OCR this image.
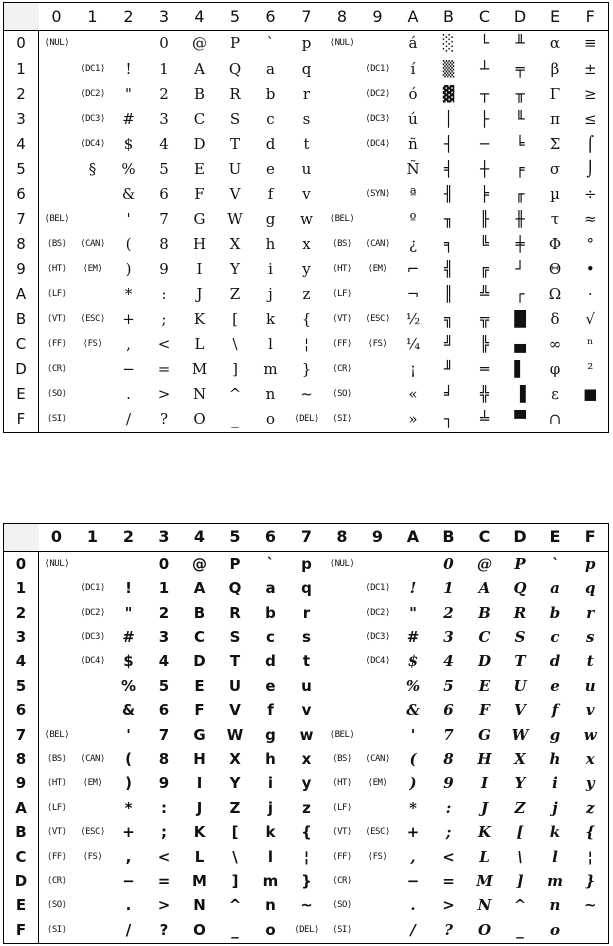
	0	1	2	3	4	5	6	7	8	9	A	B	C	D	E	F
0	⟨NUL⟩			0	@	P	`	p	⟨NUL⟩		á	░	└	╨	α	≡
1		⟨DC1⟩	!	1	A	Q	a	q		⟨DC1⟩	í	▒	┴	╤	β	±
2		⟨DC2⟩	"	2	B	R	b	r		⟨DC2⟩	ó	▓	┬	╥	Γ	≥
3		⟨DC3⟩	#	3	C	S	c	s		⟨DC3⟩	ú	│	├	╙	π	≤
4		⟨DC4⟩	$	4	D	T	d	t		⟨DC4⟩	ñ	┤	─	╘	Σ	⌠
5		§	%	5	E	U	e	u			Ñ	╡	┼	╒	σ	⌡
6			&	6	F	V	f	v		⟨SYN⟩	ª	╢	╞	╓	µ	÷
7	⟨BEL⟩		'	7	G	W	g	w	⟨BEL⟩		º	╖	╟	╫	τ	≈
8	⟨BS⟩	⟨CAN⟩	(	8	H	X	h	x	⟨BS⟩	⟨CAN⟩	¿	╕	╚	╪	Φ	°
9	⟨HT⟩	⟨EM⟩	)	9	I	Y	i	y	⟨HT⟩	⟨EM⟩	⌐	╣	╔	┘	Θ	•
A	⟨LF⟩		*	:	J	Z	j	z	⟨LF⟩		¬	║	╩	┌	Ω	·
B	⟨VT⟩	⟨ESC⟩	+	;	K	[	k	{	⟨VT⟩	⟨ESC⟩	½	╗	╦	█	δ	√
C	⟨FF⟩	⟨FS⟩	,	<	L	\	l	¦	⟨FF⟩	⟨FS⟩	¼	╝	╠	▄	∞	ⁿ
D	⟨CR⟩		−	=	M	]	m	}	⟨CR⟩		¡	╜	═	▌	φ	²
E	⟨SO⟩		.	>	N	^	n	~	⟨SO⟩		«	╛	╬	▐	ε	■
F	⟨SI⟩		/	?	O	_	o	⟨DEL⟩	⟨SI⟩		»	┐	╧	▀	∩	
	0	1	2	3	4	5	6	7	8	9	A	B	C	D	E	F
0	⟨NUL⟩			0	@	P	`	p	⟨NUL⟩			0	@	P	`	p
1		⟨DC1⟩	!	1	A	Q	a	q		⟨DC1⟩	!	1	A	Q	a	q
2		⟨DC2⟩	"	2	B	R	b	r		⟨DC2⟩	"	2	B	R	b	r
3		⟨DC3⟩	#	3	C	S	c	s		⟨DC3⟩	#	3	C	S	c	s
4		⟨DC4⟩	$	4	D	T	d	t		⟨DC4⟩	$	4	D	T	d	t
5			%	5	E	U	e	u			%	5	E	U	e	u
6			&	6	F	V	f	v			&	6	F	V	f	v
7	⟨BEL⟩		'	7	G	W	g	w	⟨BEL⟩		'	7	G	W	g	w
8	⟨BS⟩	⟨CAN⟩	(	8	H	X	h	x	⟨BS⟩	⟨CAN⟩	(	8	H	X	h	x
9	⟨HT⟩	⟨EM⟩	)	9	I	Y	i	y	⟨HT⟩	⟨EM⟩	)	9	I	Y	i	y
A	⟨LF⟩		*	:	J	Z	j	z	⟨LF⟩		*	:	J	Z	j	z
B	⟨VT⟩	⟨ESC⟩	+	;	K	[	k	{	⟨VT⟩	⟨ESC⟩	+	;	K	[	k	{
C	⟨FF⟩	⟨FS⟩	,	<	L	\	l	¦	⟨FF⟩	⟨FS⟩	,	<	L	\	l	¦
D	⟨CR⟩		−	=	M	]	m	}	⟨CR⟩		−	=	M	]	m	}
E	⟨SO⟩		.	>	N	^	n	~	⟨SO⟩		.	>	N	^	n	~
F	⟨SI⟩		/	?	O	_	o	⟨DEL⟩	⟨SI⟩		/	?	O	_	o	
